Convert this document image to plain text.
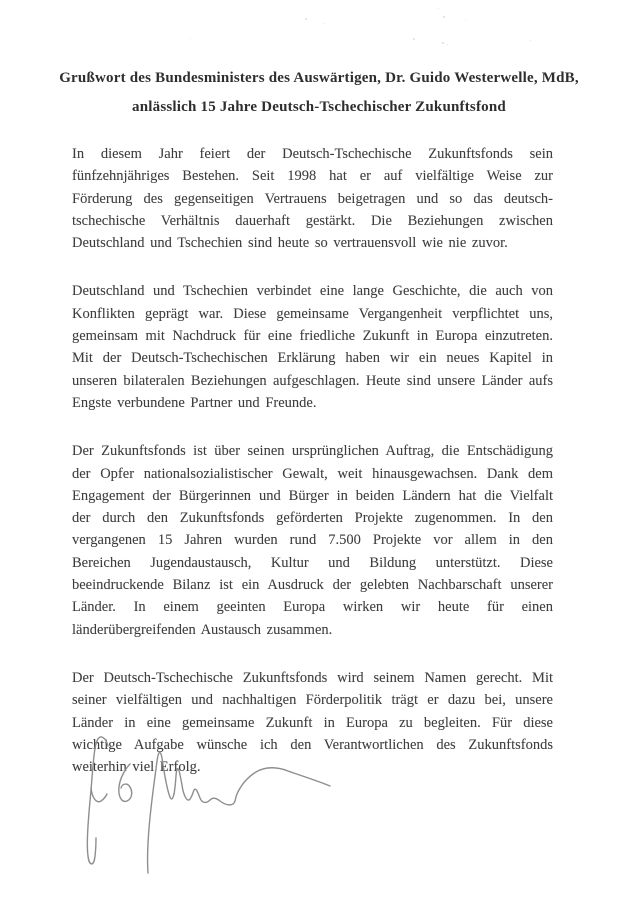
Grußwort des Bundesministers des Auswärtigen, Dr. Guido Westerwelle, MdB,
anlässlich 15 Jahre Deutsch-Tschechischer Zukunftsfond

In diesem Jahr feiert der Deutsch-Tschechische Zukunftsfonds sein fünfzehnjähriges Bestehen. Seit 1998 hat er auf vielfältige Weise zur Förderung des gegenseitigen Vertrauens beigetragen und so das deutsch-tschechische Verhältnis dauerhaft gestärkt. Die Beziehungen zwischen Deutschland und Tschechien sind heute so vertrauensvoll wie nie zuvor.

Deutschland und Tschechien verbindet eine lange Geschichte, die auch von Konflikten geprägt war. Diese gemeinsame Vergangenheit verpflichtet uns, gemeinsam mit Nachdruck für eine friedliche Zukunft in Europa einzutreten. Mit der Deutsch-Tschechischen Erklärung haben wir ein neues Kapitel in unseren bilateralen Beziehungen aufgeschlagen. Heute sind unsere Länder aufs Engste verbundene Partner und Freunde.

Der Zukunftsfonds ist über seinen ursprünglichen Auftrag, die Entschädigung der Opfer nationalsozialistischer Gewalt, weit hinausgewachsen. Dank dem Engagement der Bürgerinnen und Bürger in beiden Ländern hat die Vielfalt der durch den Zukunftsfonds geförderten Projekte zugenommen. In den vergangenen 15 Jahren wurden rund 7.500 Projekte vor allem in den Bereichen Jugendaustausch, Kultur und Bildung unterstützt. Diese beeindruckende Bilanz ist ein Ausdruck der gelebten Nachbarschaft unserer Länder. In einem geeinten Europa wirken wir heute für einen länderübergreifenden Austausch zusammen.

Der Deutsch-Tschechische Zukunftsfonds wird seinem Namen gerecht. Mit seiner vielfältigen und nachhaltigen Förderpolitik trägt er dazu bei, unsere Länder in eine gemeinsame Zukunft in Europa zu begleiten. Für diese wichtige Aufgabe wünsche ich den Verantwortlichen des Zukunftsfonds weiterhin viel Erfolg.
